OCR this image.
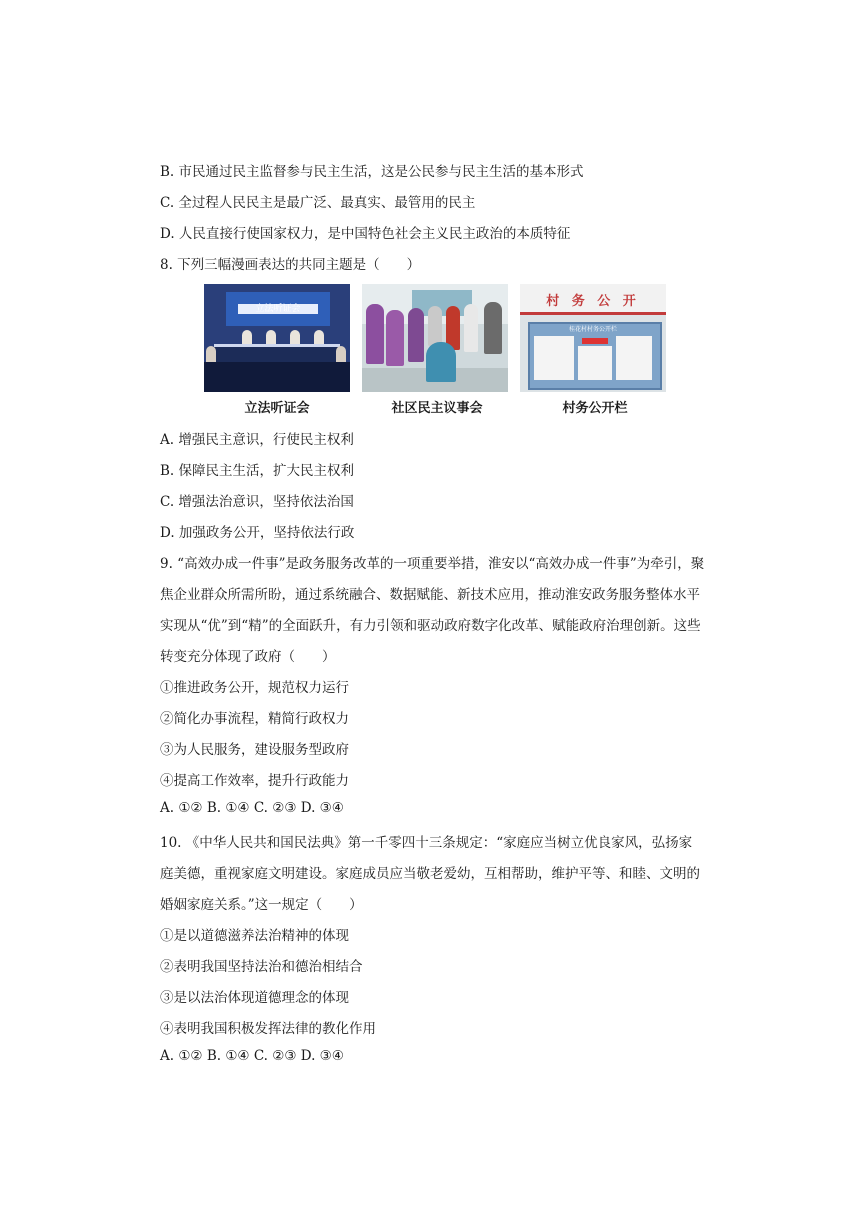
B. 市民通过民主监督参与民主生活，这是公民参与民主生活的基本形式
C. 全过程人民民主是最广泛、最真实、最管用的民主
D. 人民直接行使国家权力，是中国特色社会主义民主政治的本质特征
8. 下列三幅漫画表达的共同主题是（　　）
立法听证会	村 务 公 开
桂花村村务公开栏
立法听证会	社区民主议事会	村务公开栏
A. 增强民主意识，行使民主权利
B. 保障民主生活，扩大民主权利
C. 增强法治意识，坚持依法治国
D. 加强政务公开，坚持依法行政
9. “高效办成一件事”是政务服务改革的一项重要举措，淮安以“高效办成一件事”为牵引，聚
焦企业群众所需所盼，通过系统融合、数据赋能、新技术应用，推动淮安政务服务整体水平
实现从“优”到“精”的全面跃升，有力引领和驱动政府数字化改革、赋能政府治理创新。这些
转变充分体现了政府（　　）
①推进政务公开，规范权力运行
②简化办事流程，精简行政权力
③为人民服务，建设服务型政府
④提高工作效率，提升行政能力
A. ①② B. ①④ C. ②③ D. ③④
10. 《中华人民共和国民法典》第一千零四十三条规定：“家庭应当树立优良家风，弘扬家
庭美德，重视家庭文明建设。家庭成员应当敬老爱幼，互相帮助，维护平等、和睦、文明的
婚姻家庭关系。”这一规定（　　）
①是以道德滋养法治精神的体现
②表明我国坚持法治和德治相结合
③是以法治体现道德理念的体现
④表明我国积极发挥法律的教化作用
A. ①② B. ①④ C. ②③ D. ③④
